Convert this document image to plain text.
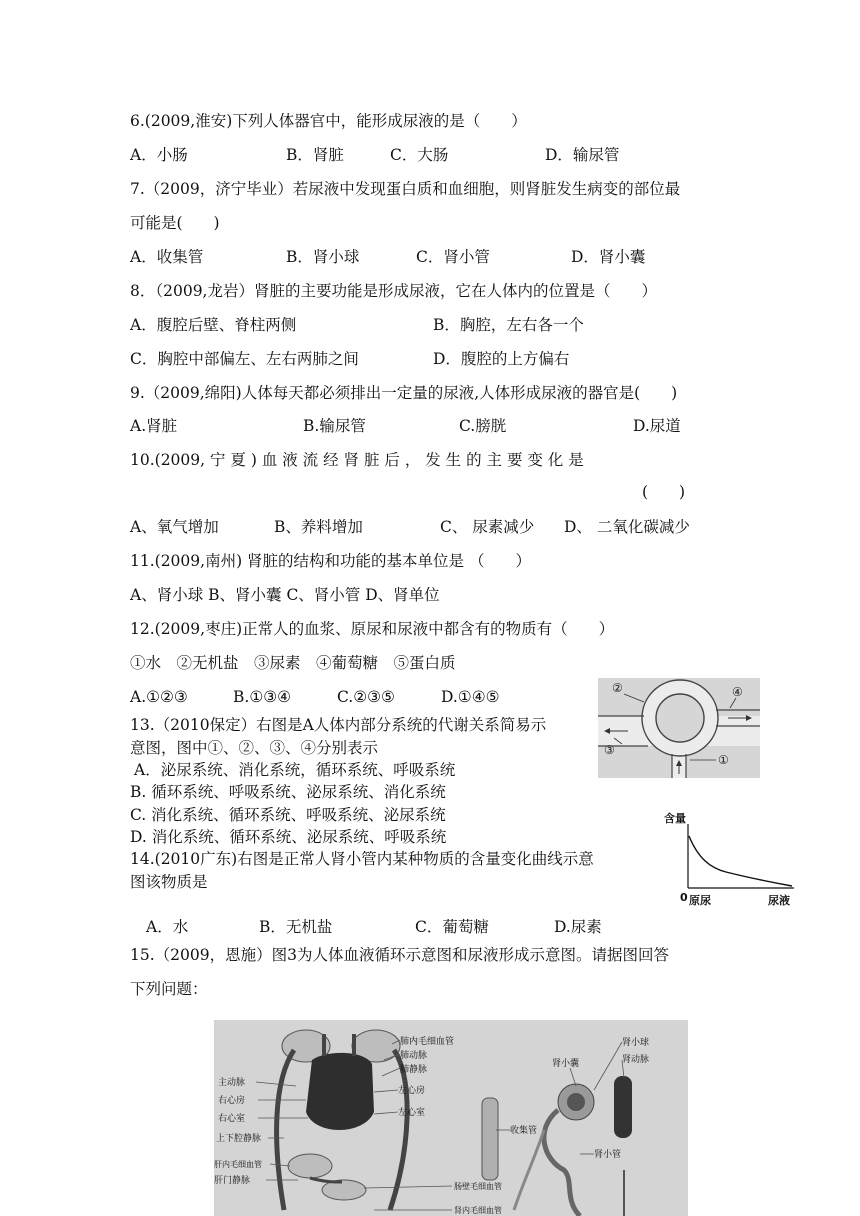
6.(2009,淮安)下列人体器官中，能形成尿液的是（　　）
A．小肠	B．肾脏	C．大肠	D．输尿管
7.（2009，济宁毕业）若尿液中发现蛋白质和血细胞，则肾脏发生病变的部位最
可能是(　　)
A．收集管	B．肾小球	C．肾小管	D．肾小囊
8．（2009,龙岩）肾脏的主要功能是形成尿液，它在人体内的位置是（　　）
A．腹腔后壁、脊柱两侧	B．胸腔，左右各一个
C．胸腔中部偏左、左右两肺之间	D．腹腔的上方偏右
9.（2009,绵阳)人体每天都必须排出一定量的尿液,人体形成尿液的器官是(　　)
A.肾脏	B.输尿管	C.膀胱	D.尿道
10.(2009, 宁 夏 ) 血 液 流 经 肾 脏 后 ， 发 生 的 主 要 变 化 是
(　　)
A、氧气增加	B、养料增加	C、 尿素减少 D、 二氧化碳减少
11.(2009,南州) 肾脏的结构和功能的基本单位是 （　　）
A、肾小球 B、肾小囊 C、肾小管 D、肾单位
12.(2009,枣庄)正常人的血浆、原尿和尿液中都含有的物质有（　　）
①水　②无机盐　③尿素　④葡萄糖　⑤蛋白质
A.①②③	B.①③④	C.②③⑤	D.①④⑤
13.（2010保定）右图是A人体内部分系统的代谢关系简易示
意图，图中①、②、③、④分别表示
A．泌尿系统、消化系统，循环系统、呼吸系统
B. 循环系统、呼吸系统、泌尿系统、消化系统
C. 消化系统、循环系统、呼吸系统、泌尿系统
D. 消化系统、循环系统、泌尿系统、呼吸系统
②	④
③
①
14.(2010广东)右图是正常人肾小管内某种物质的含量变化曲线示意
图该物质是
A．水	B．无机盐	C．葡萄糖	D.尿素
含量
0 原尿	尿液
15.（2009，恩施）图3为人体血液循环示意图和尿液形成示意图。请据图回答
下列问题：
肺内毛细血管
肺动脉
肺静脉
主动脉
左心房
右心房
左心室
右心室
上下腔静脉
肝内毛细血管
肝门静脉
肠壁毛细血管
肾内毛细血管
肾小球
肾小囊	肾动脉
收集管
肾小管
